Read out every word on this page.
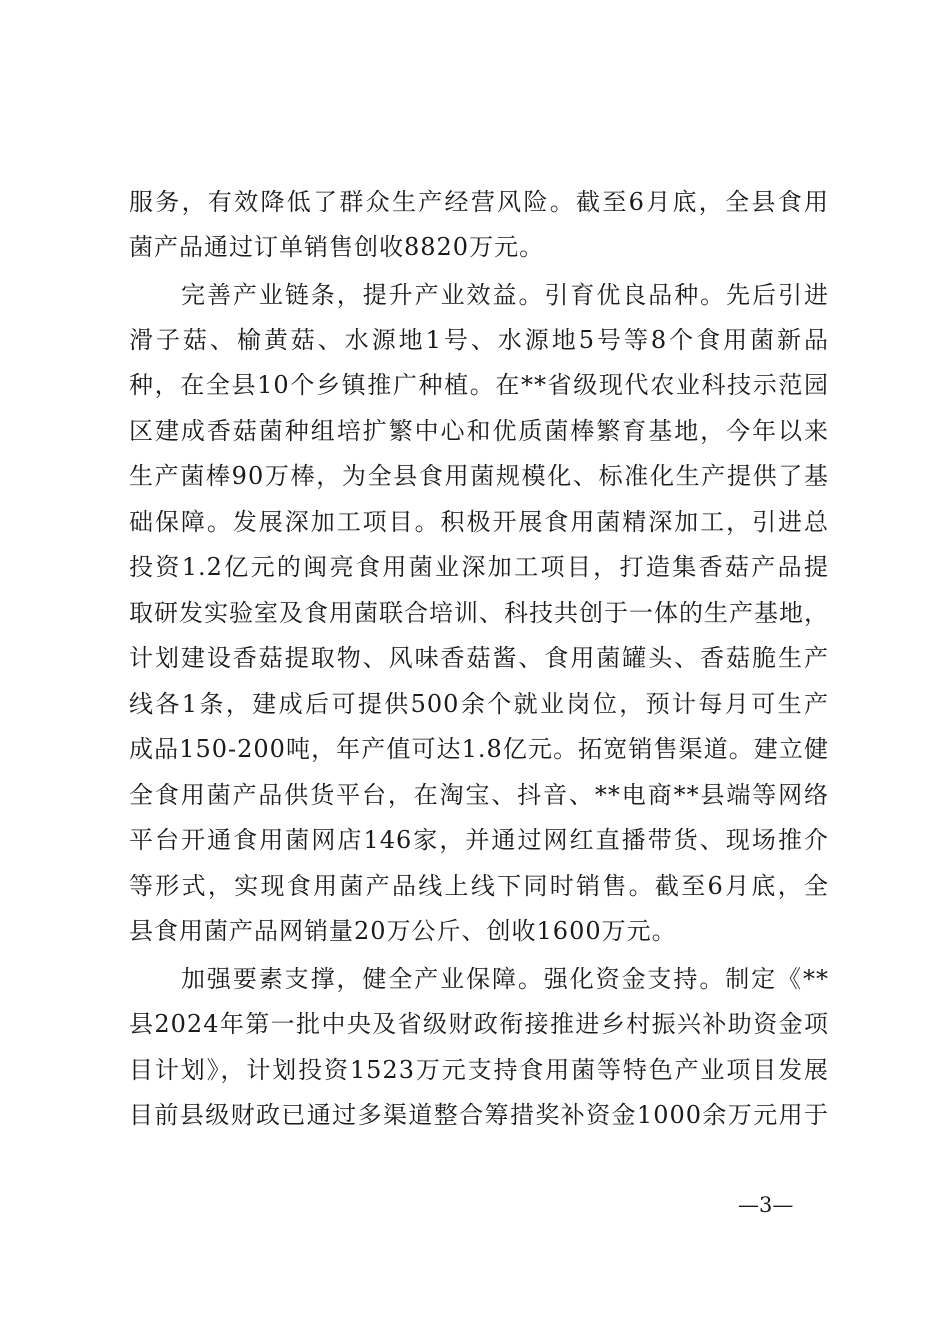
服务，有效降低了群众生产经营风险。截至6月底，全县食用
菌产品通过订单销售创收8820万元。
完善产业链条，提升产业效益。引育优良品种。先后引进
滑子菇、榆黄菇、水源地1号、水源地5号等8个食用菌新品
种，在全县10个乡镇推广种植。在**省级现代农业科技示范园
区建成香菇菌种组培扩繁中心和优质菌棒繁育基地，今年以来
生产菌棒90万棒，为全县食用菌规模化、标准化生产提供了基
础保障。发展深加工项目。积极开展食用菌精深加工，引进总
投资1.2亿元的闽亮食用菌业深加工项目，打造集香菇产品提
取研发实验室及食用菌联合培训、科技共创于一体的生产基地，
计划建设香菇提取物、风味香菇酱、食用菌罐头、香菇脆生产
线各1条，建成后可提供500余个就业岗位，预计每月可生产
成品150-200吨，年产值可达1.8亿元。拓宽销售渠道。建立健
全食用菌产品供货平台，在淘宝、抖音、**电商**县端等网络
平台开通食用菌网店146家，并通过网红直播带货、现场推介
等形式，实现食用菌产品线上线下同时销售。截至6月底，全
县食用菌产品网销量20万公斤、创收1600万元。
加强要素支撑，健全产业保障。强化资金支持。制定《**
县2024年第一批中央及省级财政衔接推进乡村振兴补助资金项
目计划》，计划投资1523万元支持食用菌等特色产业项目发展
目前县级财政已通过多渠道整合筹措奖补资金1000余万元用于
—3—
